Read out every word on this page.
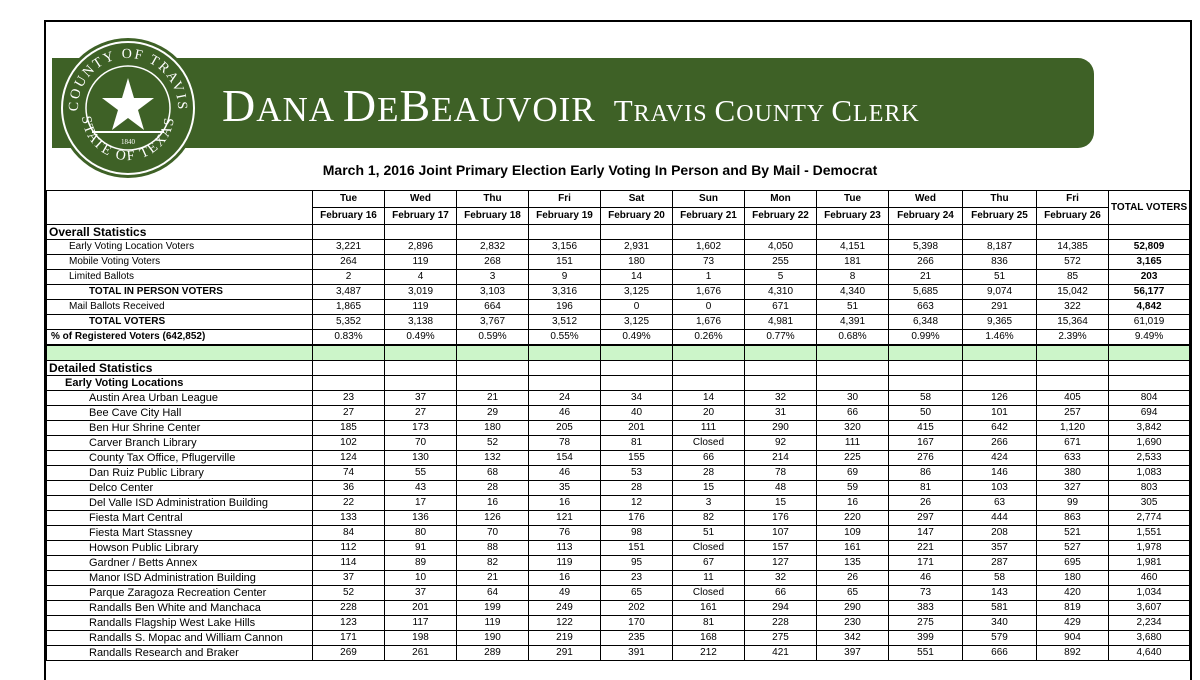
COUNTY OF TRAVIS
STATE OF TEXAS
1840
DANA DEBEAUVOIR TRAVIS COUNTY CLERK
March 1, 2016 Joint Primary Election Early Voting In Person and By Mail - Democrat
	Tue	Wed	Thu	Fri	Sat	Sun	Mon	Tue	Wed	Thu	Fri	TOTAL VOTERS
	February 16	February 17	February 18	February 19	February 20	February 21	February 22	February 23	February 24	February 25	February 26	
Overall Statistics												
Early Voting Location Voters	3,221	2,896	2,832	3,156	2,931	1,602	4,050	4,151	5,398	8,187	14,385	52,809
Mobile Voting Voters	264	119	268	151	180	73	255	181	266	836	572	3,165
Limited Ballots	2	4	3	9	14	1	5	8	21	51	85	203
TOTAL IN PERSON VOTERS	3,487	3,019	3,103	3,316	3,125	1,676	4,310	4,340	5,685	9,074	15,042	56,177
Mail Ballots Received	1,865	119	664	196	0	0	671	51	663	291	322	4,842
TOTAL VOTERS	5,352	3,138	3,767	3,512	3,125	1,676	4,981	4,391	6,348	9,365	15,364	61,019
% of Registered Voters (642,852)	0.83%	0.49%	0.59%	0.55%	0.49%	0.26%	0.77%	0.68%	0.99%	1.46%	2.39%	9.49%

Detailed Statistics												
Early Voting Locations												
Austin Area Urban League	23	37	21	24	34	14	32	30	58	126	405	804
Bee Cave City Hall	27	27	29	46	40	20	31	66	50	101	257	694
Ben Hur Shrine Center	185	173	180	205	201	111	290	320	415	642	1,120	3,842
Carver Branch Library	102	70	52	78	81	Closed	92	111	167	266	671	1,690
County Tax Office, Pflugerville	124	130	132	154	155	66	214	225	276	424	633	2,533
Dan Ruiz Public Library	74	55	68	46	53	28	78	69	86	146	380	1,083
Delco Center	36	43	28	35	28	15	48	59	81	103	327	803
Del Valle ISD Administration Building	22	17	16	16	12	3	15	16	26	63	99	305
Fiesta Mart Central	133	136	126	121	176	82	176	220	297	444	863	2,774
Fiesta Mart Stassney	84	80	70	76	98	51	107	109	147	208	521	1,551
Howson Public Library	112	91	88	113	151	Closed	157	161	221	357	527	1,978
Gardner / Betts Annex	114	89	82	119	95	67	127	135	171	287	695	1,981
Manor ISD Administration Building	37	10	21	16	23	11	32	26	46	58	180	460
Parque Zaragoza Recreation Center	52	37	64	49	65	Closed	66	65	73	143	420	1,034
Randalls Ben White and Manchaca	228	201	199	249	202	161	294	290	383	581	819	3,607
Randalls Flagship West Lake Hills	123	117	119	122	170	81	228	230	275	340	429	2,234
Randalls S. Mopac and William Cannon	171	198	190	219	235	168	275	342	399	579	904	3,680
Randalls Research and Braker	269	261	289	291	391	212	421	397	551	666	892	4,640
